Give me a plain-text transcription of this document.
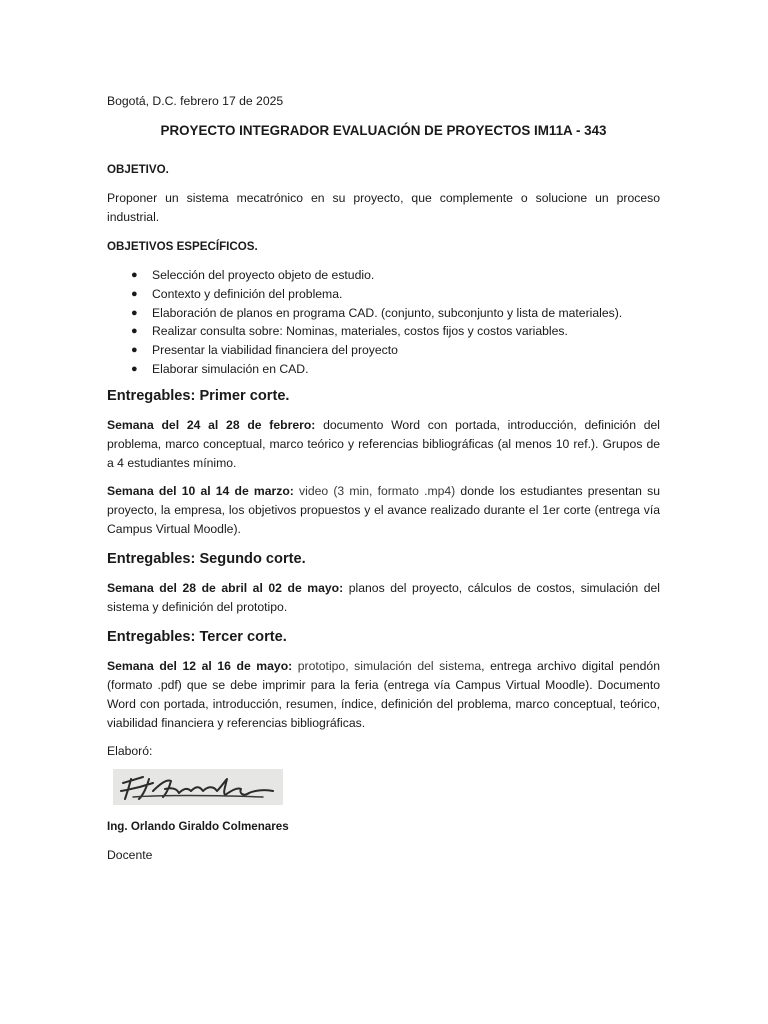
Bogotá, D.C. febrero 17 de 2025

PROYECTO INTEGRADOR EVALUACIÓN DE PROYECTOS IM11A - 343

OBJETIVO.

Proponer un sistema mecatrónico en su proyecto, que complemente o solucione un proceso industrial.

OBJETIVOS ESPECÍFICOS.

● Selección del proyecto objeto de estudio.
● Contexto y definición del problema.
● Elaboración de planos en programa CAD. (conjunto, subconjunto y lista de materiales).
● Realizar consulta sobre: Nominas, materiales, costos fijos y costos variables.
● Presentar la viabilidad financiera del proyecto
● Elaborar simulación en CAD.

Entregables: Primer corte.

Semana del 24 al 28 de febrero: documento Word con portada, introducción, definición del problema, marco conceptual, marco teórico y referencias bibliográficas (al menos 10 ref.). Grupos de a 4 estudiantes mínimo.

Semana del 10 al 14 de marzo: video (3 min, formato .mp4) donde los estudiantes presentan su proyecto, la empresa, los objetivos propuestos y el avance realizado durante el 1er corte (entrega vía Campus Virtual Moodle).

Entregables: Segundo corte.

Semana del 28 de abril al 02 de mayo: planos del proyecto, cálculos de costos, simulación del sistema y definición del prototipo.

Entregables: Tercer corte.

Semana del 12 al 16 de mayo: prototipo, simulación del sistema, entrega archivo digital pendón (formato .pdf) que se debe imprimir para la feria (entrega vía Campus Virtual Moodle). Documento Word con portada, introducción, resumen, índice, definición del problema, marco conceptual, teórico, viabilidad financiera y referencias bibliográficas.

Elaboró:

Ing. Orlando Giraldo Colmenares

Docente
